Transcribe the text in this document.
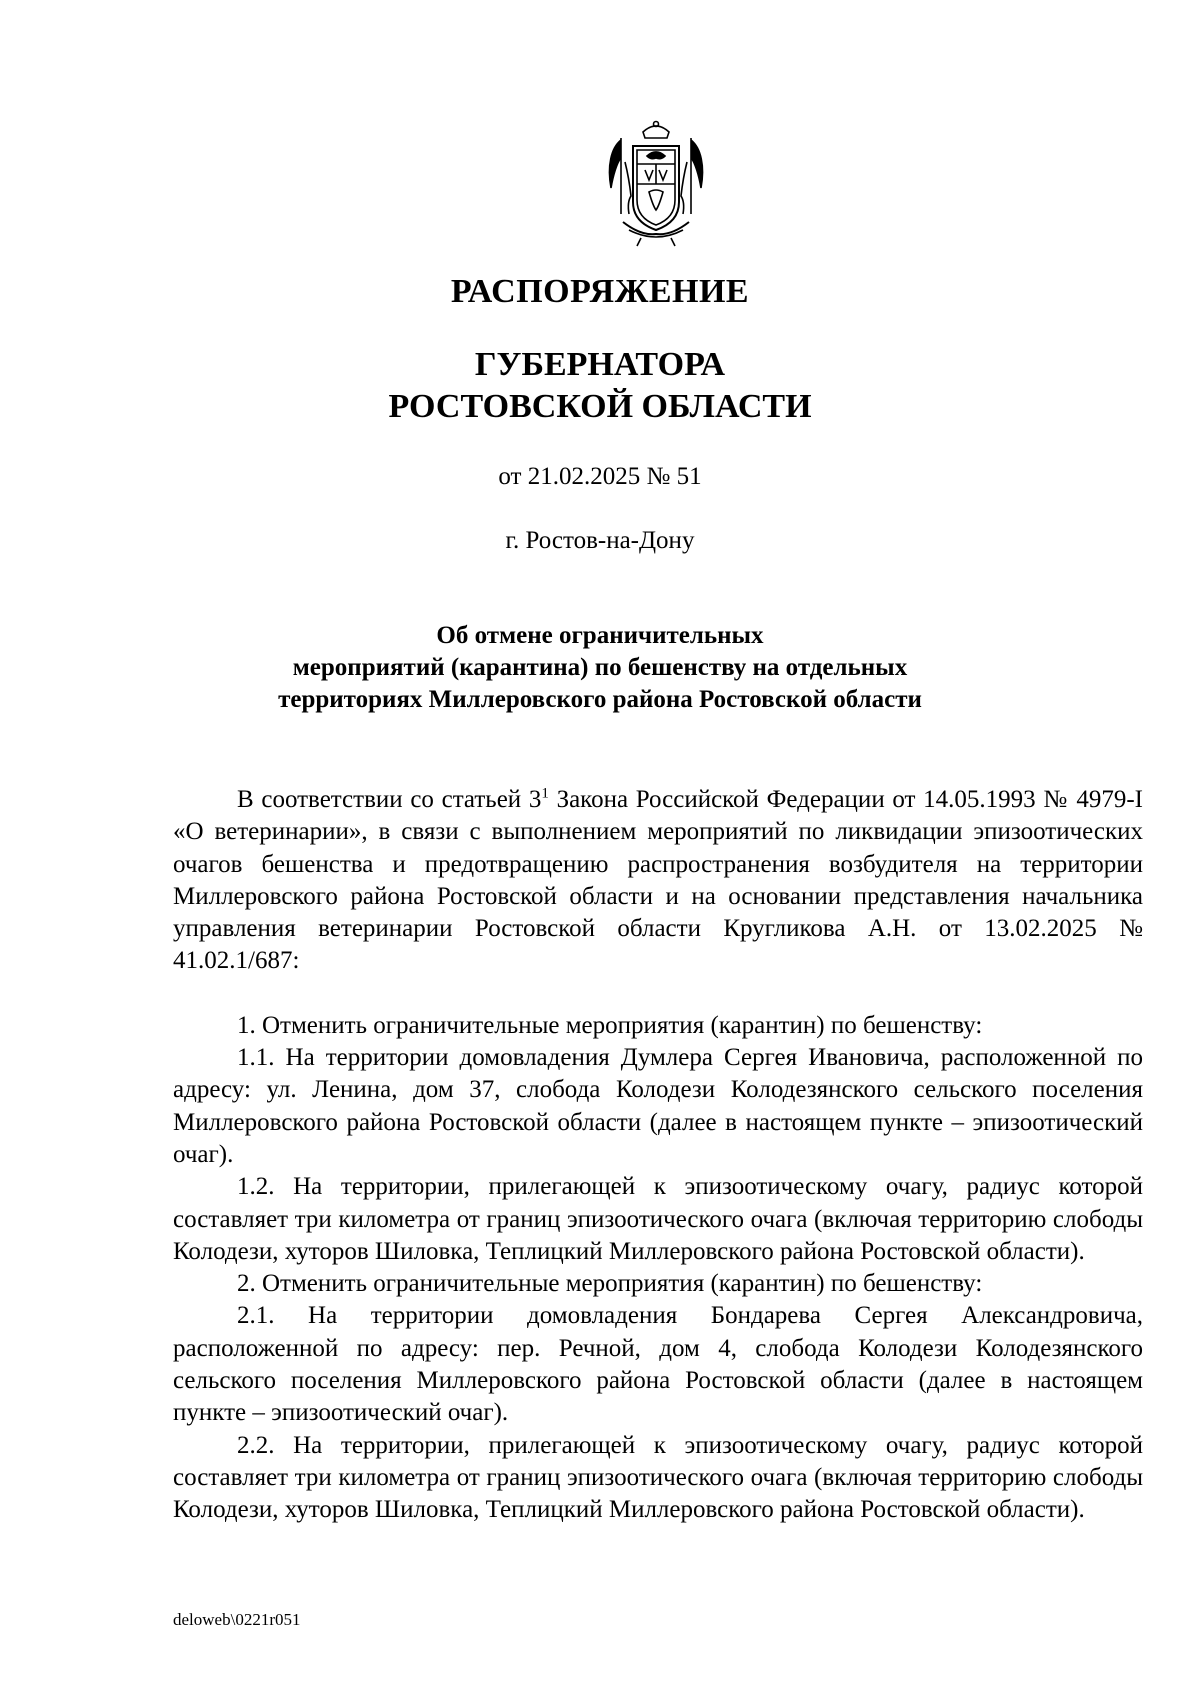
РАСПОРЯЖЕНИЕ
ГУБЕРНАТОРА
РОСТОВСКОЙ ОБЛАСТИ
от 21.02.2025 № 51
г. Ростов-на-Дону
Об отмене ограничительных
мероприятий (карантина) по бешенству на отдельных
территориях Миллеровского района Ростовской области

В соответствии со статьей $3^1$ Закона Российской Федерации от 14.05.1993 № 4979-I «О ветеринарии», в связи с выполнением мероприятий по ликвидации эпизоотических очагов бешенства и предотвращению распространения возбудителя на территории Миллеровского района Ростовской области и на основании представления начальника управления ветеринарии Ростовской области Кругликова А.Н. от 13.02.2025 № 41.02.1/687:

1. Отменить ограничительные мероприятия (карантин) по бешенству:

1.1. На территории домовладения Думлера Сергея Ивановича, расположенной по адресу: ул. Ленина, дом 37, слобода Колодези Колодезянского сельского поселения Миллеровского района Ростовской области (далее в настоящем пункте – эпизоотический очаг).

1.2. На территории, прилегающей к эпизоотическому очагу, радиус которой составляет три километра от границ эпизоотического очага (включая территорию слободы Колодези, хуторов Шиловка, Теплицкий Миллеровского района Ростовской области).

2. Отменить ограничительные мероприятия (карантин) по бешенству:

2.1. На территории домовладения Бондарева Сергея Александровича, расположенной по адресу: пер. Речной, дом 4, слобода Колодези Колодезянского сельского поселения Миллеровского района Ростовской области (далее в настоящем пункте – эпизоотический очаг).

2.2. На территории, прилегающей к эпизоотическому очагу, радиус которой составляет три километра от границ эпизоотического очага (включая территорию слободы Колодези, хуторов Шиловка, Теплицкий Миллеровского района Ростовской области).

deloweb\0221r051
